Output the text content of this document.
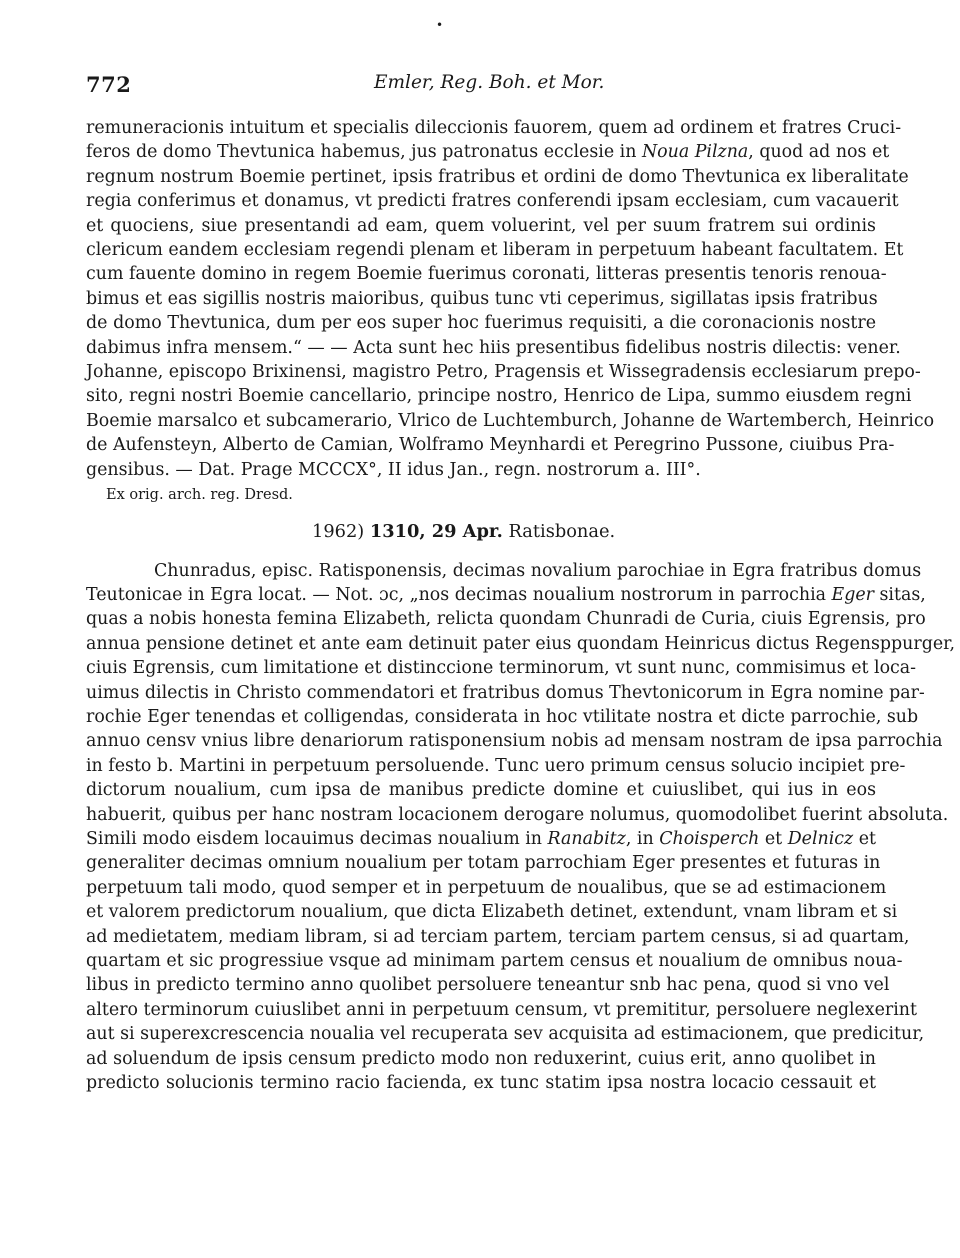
•
772	Emler, Reg. Boh. et Mor.
remuneracionis intuitum et specialis dileccionis fauorem, quem ad ordinem et fratres Cruci-
feros de domo Thevtunica habemus, jus patronatus ecclesie in Noua Pilzna, quod ad nos et
regnum nostrum Boemie pertinet, ipsis fratribus et ordini de domo Thevtunica ex liberalitate
regia conferimus et donamus, vt predicti fratres conferendi ipsam ecclesiam, cum vacauerit
et quociens, siue presentandi ad eam, quem voluerint, vel per suum fratrem sui ordinis
clericum eandem ecclesiam regendi plenam et liberam in perpetuum habeant facultatem. Et
cum fauente domino in regem Boemie fuerimus coronati, litteras presentis tenoris renoua-
bimus et eas sigillis nostris maioribus, quibus tunc vti ceperimus, sigillatas ipsis fratribus
de domo Thevtunica, dum per eos super hoc fuerimus requisiti, a die coronacionis nostre
dabimus infra mensem.“ — — Acta sunt hec hiis presentibus fidelibus nostris dilectis: vener.
Johanne, episcopo Brixinensi, magistro Petro, Pragensis et Wissegradensis ecclesiarum prepo-
sito, regni nostri Boemie cancellario, principe nostro, Henrico de Lipa, summo eiusdem regni
Boemie marsalco et subcamerario, Vlrico de Luchtemburch, Johanne de Wartemberch, Heinrico
de Aufensteyn, Alberto de Camian, Wolframo Meynhardi et Peregrino Pussone, ciuibus Pra-
gensibus. — Dat. Prage MCCCX°, II idus Jan., regn. nostrorum a. III°.
Ex orig. arch. reg. Dresd.
1962) 1310, 29 Apr. Ratisbonae.
Chunradus, episc. Ratisponensis, decimas novalium parochiae in Egra fratribus domus
Teutonicae in Egra locat. — Not. ɔc, „nos decimas noualium nostrorum in parrochia Eger sitas,
quas a nobis honesta femina Elizabeth, relicta quondam Chunradi de Curia, ciuis Egrensis, pro
annua pensione detinet et ante eam detinuit pater eius quondam Heinricus dictus Regensppurger,
ciuis Egrensis, cum limitatione et distinccione terminorum, vt sunt nunc, commisimus et loca-
uimus dilectis in Christo commendatori et fratribus domus Thevtonicorum in Egra nomine par-
rochie Eger tenendas et colligendas, considerata in hoc vtilitate nostra et dicte parrochie, sub
annuo censv vnius libre denariorum ratisponensium nobis ad mensam nostram de ipsa parrochia
in festo b. Martini in perpetuum persoluende. Tunc uero primum census solucio incipiet pre-
dictorum noualium, cum ipsa de manibus predicte domine et cuiuslibet, qui ius in eos
habuerit, quibus per hanc nostram locacionem derogare nolumus, quomodolibet fuerint absoluta.
Simili modo eisdem locauimus decimas noualium in Ranabitz, in Choisperch et Delnicz et
generaliter decimas omnium noualium per totam parrochiam Eger presentes et futuras in
perpetuum tali modo, quod semper et in perpetuum de noualibus, que se ad estimacionem
et valorem predictorum noualium, que dicta Elizabeth detinet, extendunt, vnam libram et si
ad medietatem, mediam libram, si ad terciam partem, terciam partem census, si ad quartam,
quartam et sic progressiue vsque ad minimam partem census et noualium de omnibus noua-
libus in predicto termino anno quolibet persoluere teneantur snb hac pena, quod si vno vel
altero terminorum cuiuslibet anni in perpetuum censum, vt premititur, persoluere neglexerint
aut si superexcrescencia noualia vel recuperata sev acquisita ad estimacionem, que predicitur,
ad soluendum de ipsis censum predicto modo non reduxerint, cuius erit, anno quolibet in
predicto solucionis termino racio facienda, ex tunc statim ipsa nostra locacio cessauit et
